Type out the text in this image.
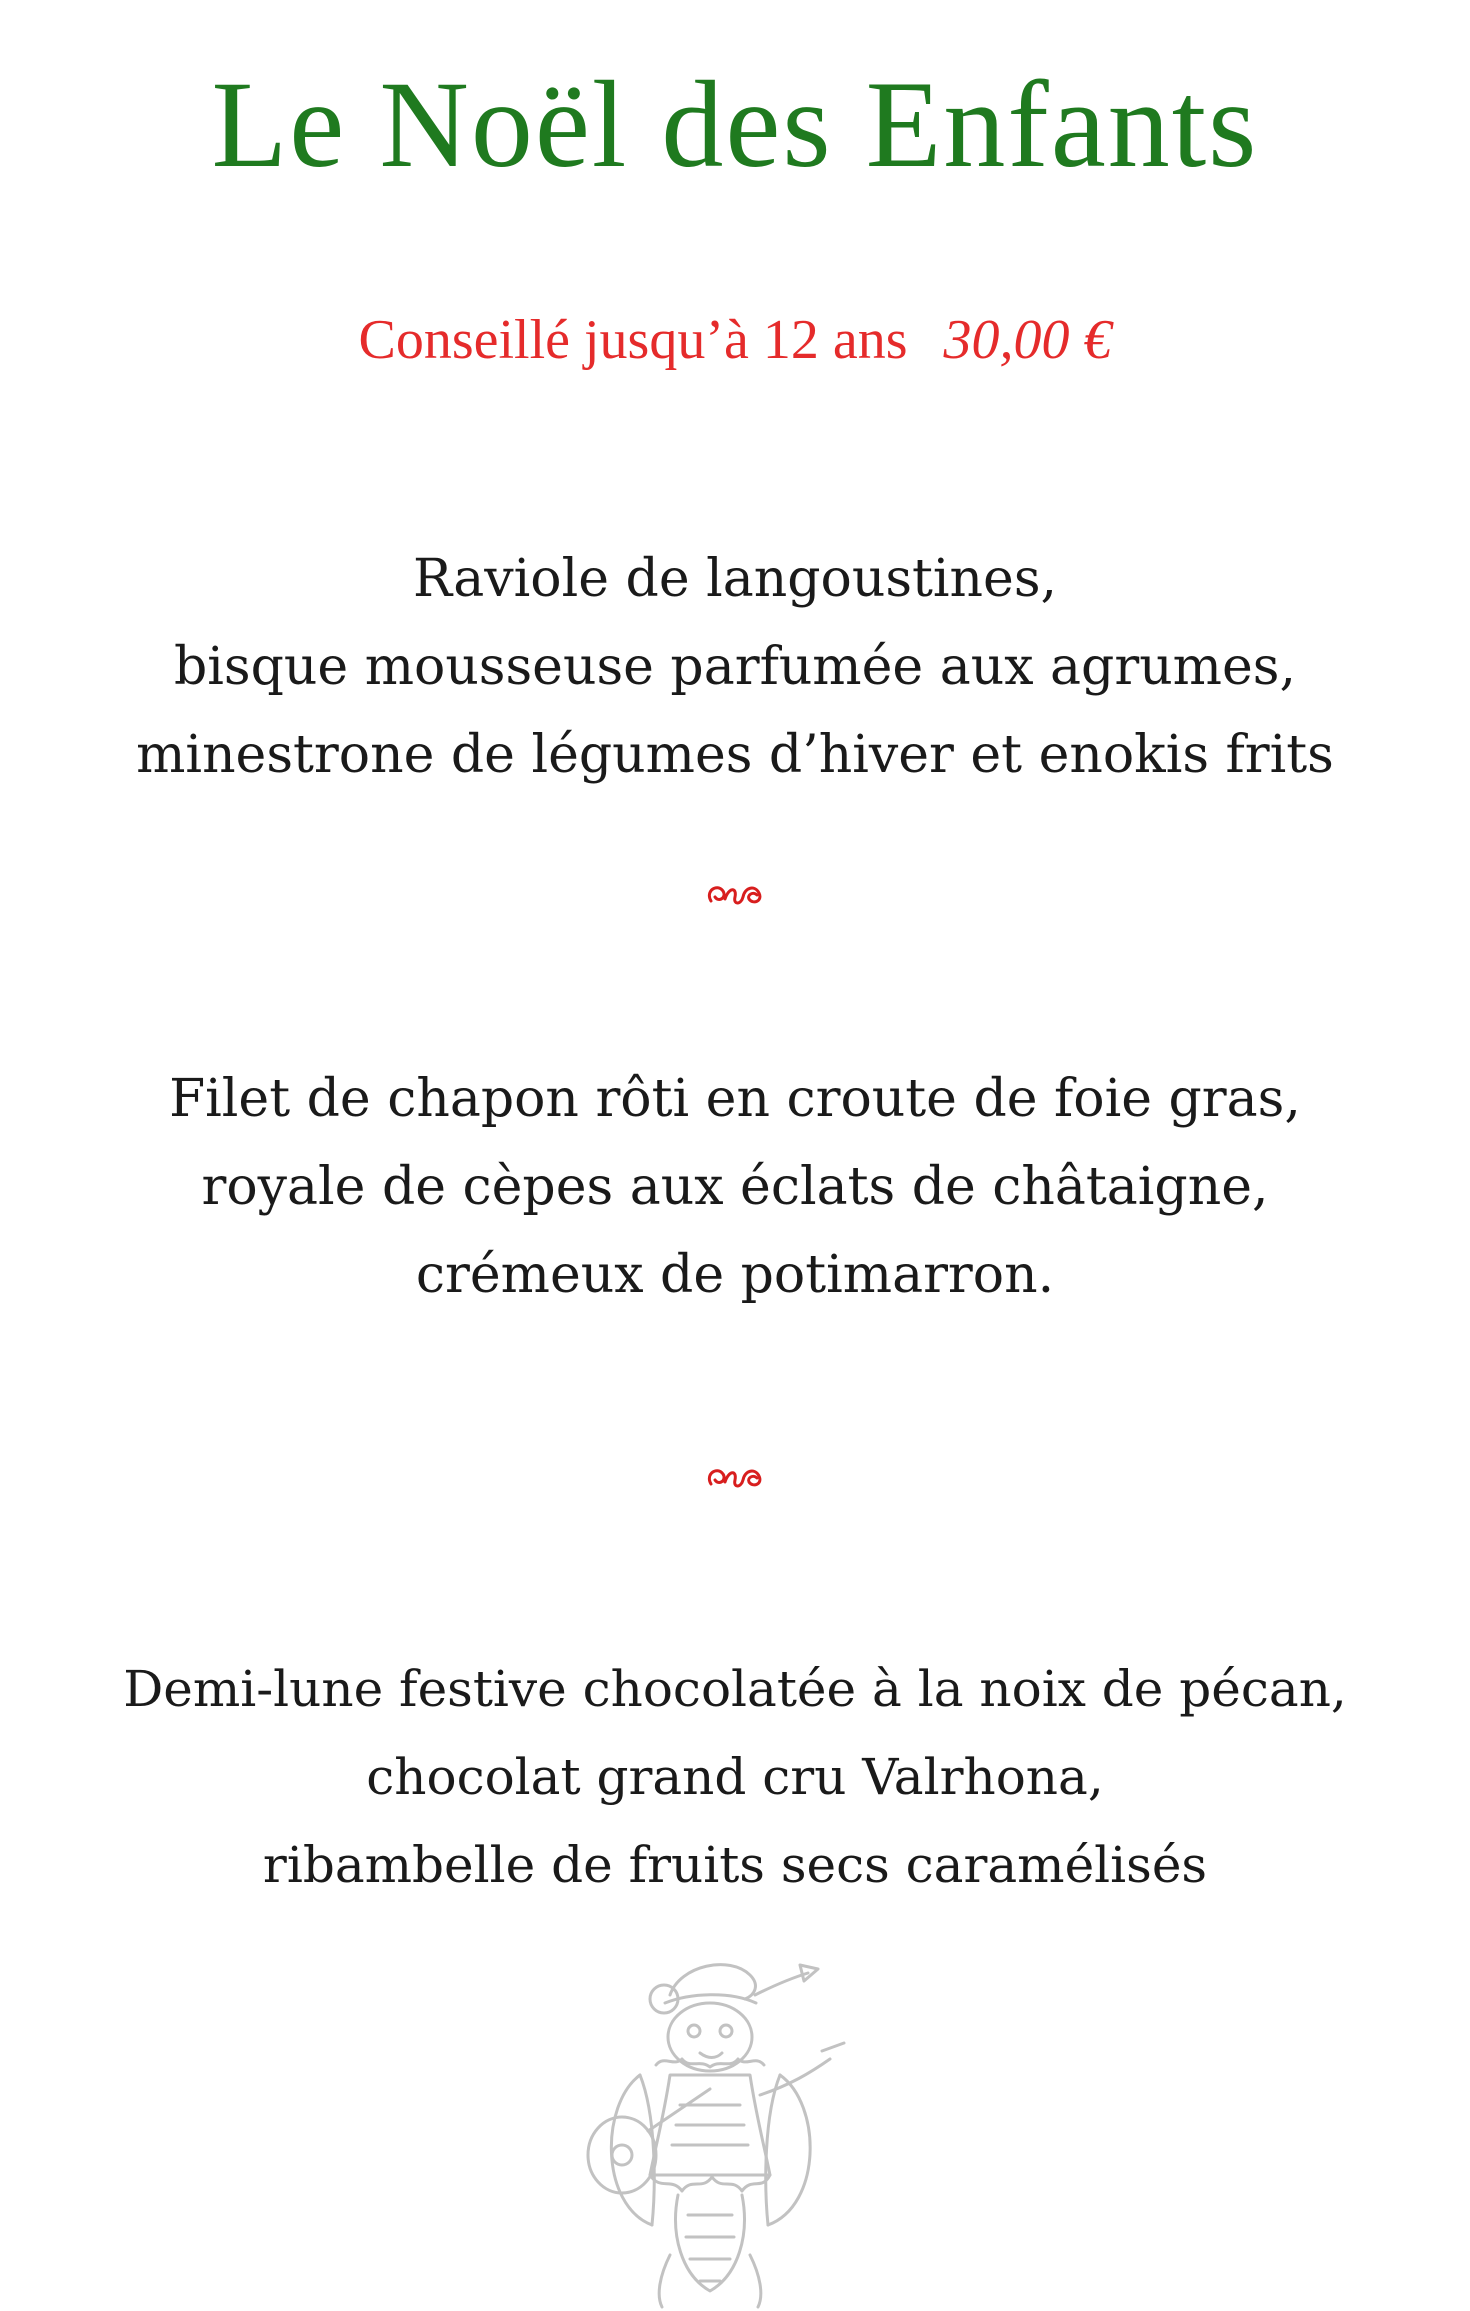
Le Noël des Enfants
Conseillé jusqu’à 12 ans 30,00 €
Raviole de langoustines,
bisque mousseuse parfumée aux agrumes,
minestrone de légumes d’hiver et enokis frits
Filet de chapon rôti en croute de foie gras,
royale de cèpes aux éclats de châtaigne,
crémeux de potimarron.
Demi-lune festive chocolatée à la noix de pécan,
chocolat grand cru Valrhona,
ribambelle de fruits secs caramélisés
